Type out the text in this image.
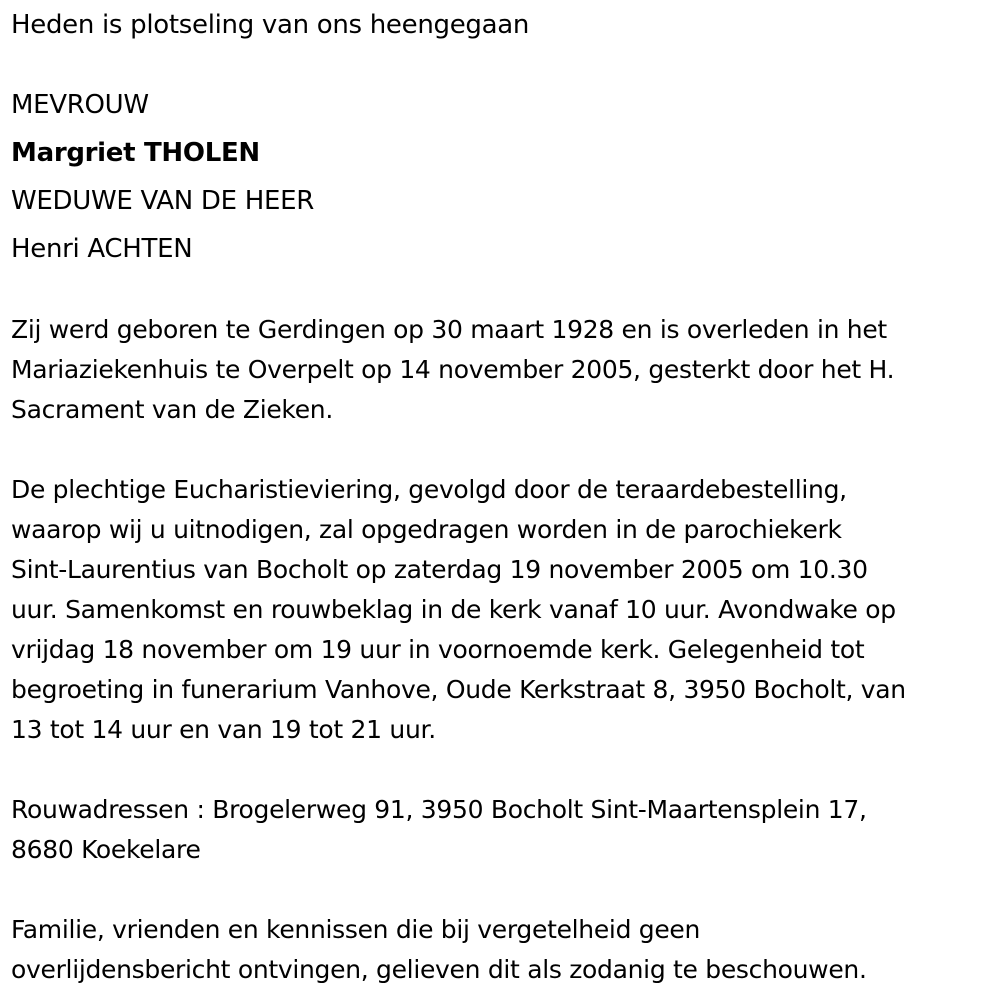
Heden is plotseling van ons heengegaan
MEVROUW
Margriet THOLEN
WEDUWE VAN DE HEER
Henri ACHTEN
Zij werd geboren te Gerdingen op 30 maart 1928 en is overleden in het
Mariaziekenhuis te Overpelt op 14 november 2005, gesterkt door het H.
Sacrament van de Zieken.
De plechtige Eucharistieviering, gevolgd door de teraardebestelling,
waarop wij u uitnodigen, zal opgedragen worden in de parochiekerk
Sint-Laurentius van Bocholt op zaterdag 19 november 2005 om 10.30
uur. Samenkomst en rouwbeklag in de kerk vanaf 10 uur. Avondwake op
vrijdag 18 november om 19 uur in voornoemde kerk. Gelegenheid tot
begroeting in funerarium Vanhove, Oude Kerkstraat 8, 3950 Bocholt, van
13 tot 14 uur en van 19 tot 21 uur.
Rouwadressen : Brogelerweg 91, 3950 Bocholt Sint-Maartensplein 17,
8680 Koekelare
Familie, vrienden en kennissen die bij vergetelheid geen
overlijdensbericht ontvingen, gelieven dit als zodanig te beschouwen.
